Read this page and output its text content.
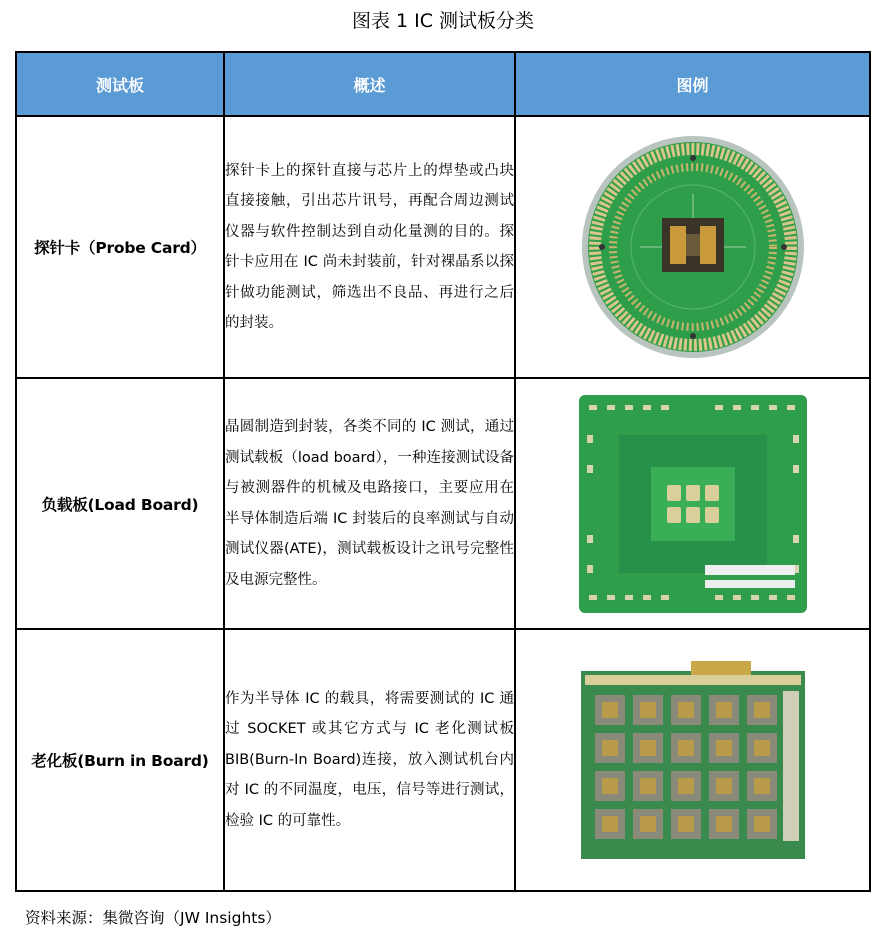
图表 1 IC 测试板分类
测试板	概述	图例
探针卡（Probe Card）	探针卡上的探针直接与芯片上的焊垫或凸块直接接触，引出芯片讯号，再配合周边测试仪器与软件控制达到自动化量测的目的。探针卡应用在 IC 尚未封装前，针对裸晶系以探针做功能测试，筛选出不良品、再进行之后的封装。

负载板(Load Board)	晶圆制造到封装，各类不同的 IC 测试，通过测试载板（load board），一种连接测试设备与被测器件的机械及电路接口，主要应用在半导体制造后端 IC 封装后的良率测试与自动测试仪器(ATE)，测试载板设计之讯号完整性及电源完整性。

老化板(Burn in Board)	作为半导体 IC 的载具，将需要测试的 IC 通过 SOCKET 或其它方式与 IC 老化测试板 BIB(Burn-In Board)连接，放入测试机台内对 IC 的不同温度，电压，信号等进行测试，检验 IC 的可靠性。

资料来源：集微咨询（JW Insights）
